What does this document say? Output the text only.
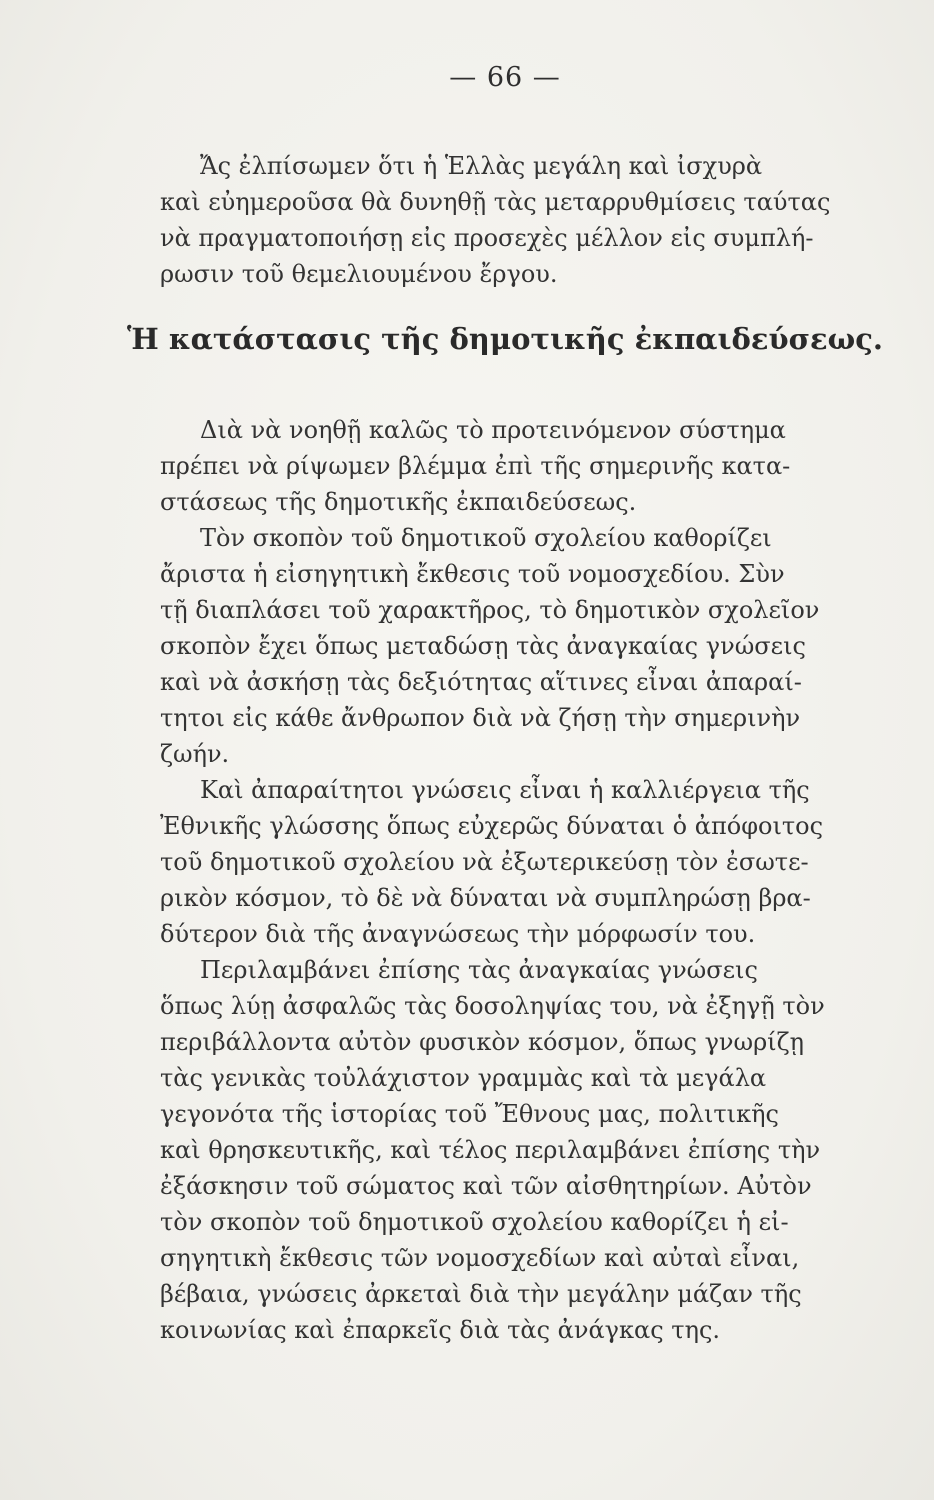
— 66 —

Ἄς ἐλπίσωμεν ὅτι ἡ Ἑλλὰς μεγάλη καὶ ἰσχυρὰ
καὶ εὐημεροῦσα θὰ δυνηθῇ τὰς μεταρρυθμίσεις ταύτας
νὰ πραγματοποιήσῃ εἰς προσεχὲς μέλλον εἰς συμπλή-
ρωσιν τοῦ θεμελιουμένου ἔργου.

Ἡ κατάστασις τῆς δημοτικῆς ἐκπαιδεύσεως.

Διὰ νὰ νοηθῇ καλῶς τὸ προτεινόμενον σύστημα
πρέπει νὰ ρίψωμεν βλέμμα ἐπὶ τῆς σημερινῆς κατα-
στάσεως τῆς δημοτικῆς ἐκπαιδεύσεως.

Τὸν σκοπὸν τοῦ δημοτικοῦ σχολείου καθορίζει
ἄριστα ἡ εἰσηγητικὴ ἔκθεσις τοῦ νομοσχεδίου. Σὺν
τῇ διαπλάσει τοῦ χαρακτῆρος, τὸ δημοτικὸν σχολεῖον
σκοπὸν ἔχει ὅπως μεταδώσῃ τὰς ἀναγκαίας γνώσεις
καὶ νὰ ἀσκήσῃ τὰς δεξιότητας αἵτινες εἶναι ἀπαραί-
τητοι εἰς κάθε ἄνθρωπον διὰ νὰ ζήσῃ τὴν σημερινὴν
ζωήν.

Καὶ ἀπαραίτητοι γνώσεις εἶναι ἡ καλλιέργεια τῆς
Ἐθνικῆς γλώσσης ὅπως εὐχερῶς δύναται ὁ ἀπόφοιτος
τοῦ δημοτικοῦ σχολείου νὰ ἐξωτερικεύσῃ τὸν ἐσωτε-
ρικὸν κόσμον, τὸ δὲ νὰ δύναται νὰ συμπληρώσῃ βρα-
δύτερον διὰ τῆς ἀναγνώσεως τὴν μόρφωσίν του.

Περιλαμβάνει ἐπίσης τὰς ἀναγκαίας γνώσεις
ὅπως λύῃ ἀσφαλῶς τὰς δοσοληψίας του, νὰ ἐξηγῇ τὸν
περιβάλλοντα αὐτὸν φυσικὸν κόσμον, ὅπως γνωρίζῃ
τὰς γενικὰς τοὐλάχιστον γραμμὰς καὶ τὰ μεγάλα
γεγονότα τῆς ἱστορίας τοῦ Ἔθνους μας, πολιτικῆς
καὶ θρησκευτικῆς, καὶ τέλος περιλαμβάνει ἐπίσης τὴν
ἐξάσκησιν τοῦ σώματος καὶ τῶν αἰσθητηρίων. Αὐτὸν
τὸν σκοπὸν τοῦ δημοτικοῦ σχολείου καθορίζει ἡ εἰ-
σηγητικὴ ἔκθεσις τῶν νομοσχεδίων καὶ αὐταὶ εἶναι,
βέβαια, γνώσεις ἀρκεταὶ διὰ τὴν μεγάλην μάζαν τῆς
κοινωνίας καὶ ἐπαρκεῖς διὰ τὰς ἀνάγκας της.
